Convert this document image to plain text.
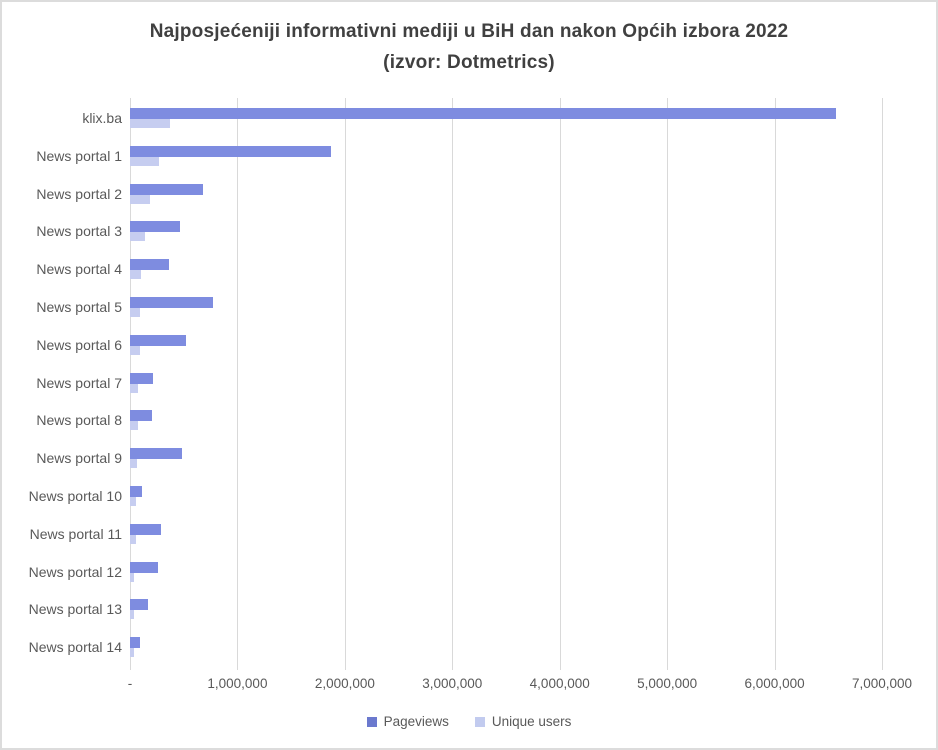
Najposjećeniji informativni mediji u BiH dan nakon Općih izbora 2022
(izvor: Dotmetrics)
klix.ba
News portal 1
News portal 2
News portal 3
News portal 4
News portal 5
News portal 6
News portal 7
News portal 8
News portal 9
News portal 10
News portal 11
News portal 12
News portal 13
News portal 14
-	1,000,000	2,000,000	3,000,000	4,000,000	5,000,000	6,000,000	7,000,000
Pageviews	Unique users
